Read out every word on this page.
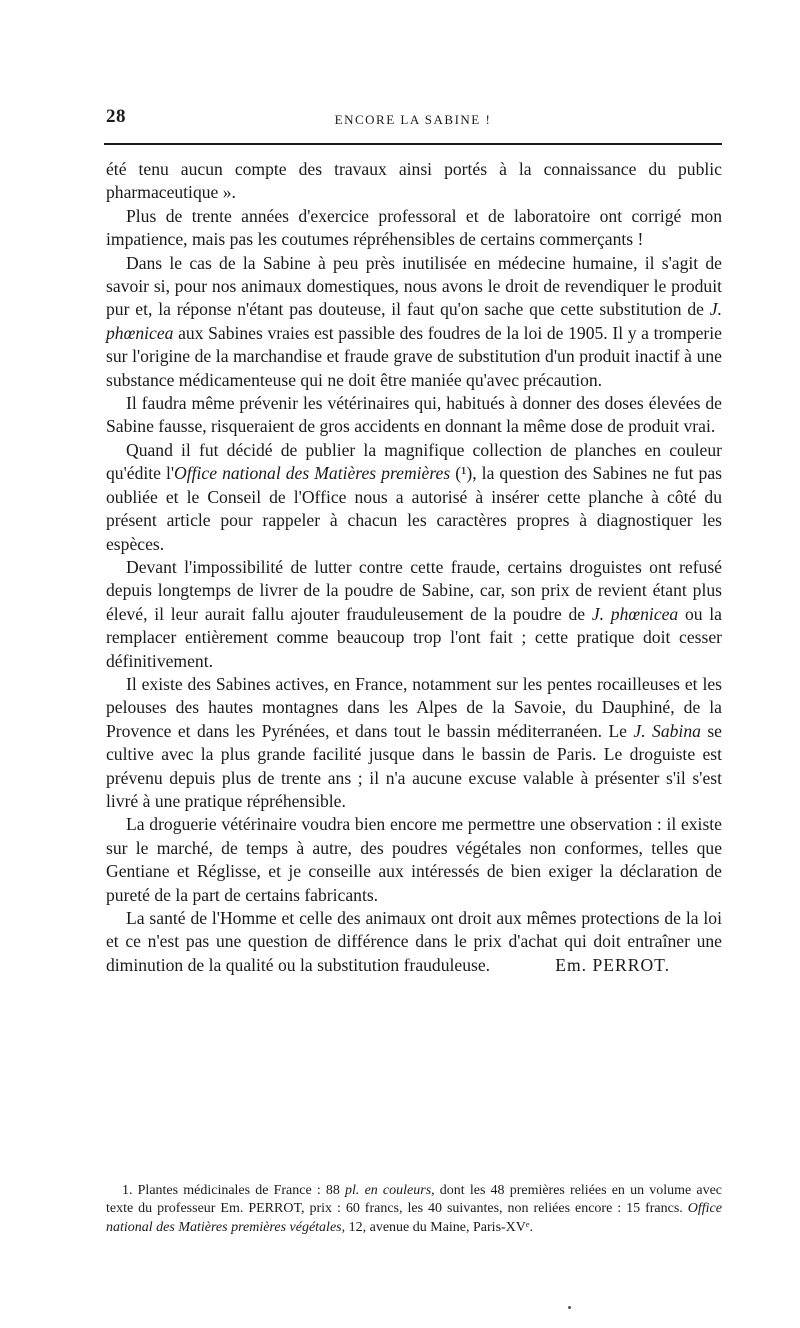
28	ENCORE LA SABINE !

été tenu aucun compte des travaux ainsi portés à la connaissance du public pharmaceutique ».

Plus de trente années d'exercice professoral et de laboratoire ont corrigé mon impatience, mais pas les coutumes répréhensibles de certains commerçants !

Dans le cas de la Sabine à peu près inutilisée en médecine humaine, il s'agit de savoir si, pour nos animaux domestiques, nous avons le droit de revendiquer le produit pur et, la réponse n'étant pas douteuse, il faut qu'on sache que cette substitution de J. phœnicea aux Sabines vraies est passible des foudres de la loi de 1905. Il y a tromperie sur l'origine de la marchandise et fraude grave de substitution d'un produit inactif à une substance médicamenteuse qui ne doit être maniée qu'avec précaution.

Il faudra même prévenir les vétérinaires qui, habitués à donner des doses élevées de Sabine fausse, risqueraient de gros accidents en donnant la même dose de produit vrai.

Quand il fut décidé de publier la magnifique collection de planches en couleur qu'édite l'Office national des Matières premières (¹), la question des Sabines ne fut pas oubliée et le Conseil de l'Office nous a autorisé à insérer cette planche à côté du présent article pour rappeler à chacun les caractères propres à diagnostiquer les espèces.

Devant l'impossibilité de lutter contre cette fraude, certains droguistes ont refusé depuis longtemps de livrer de la poudre de Sabine, car, son prix de revient étant plus élevé, il leur aurait fallu ajouter frauduleusement de la poudre de J. phœnicea ou la remplacer entièrement comme beaucoup trop l'ont fait ; cette pratique doit cesser définitivement.

Il existe des Sabines actives, en France, notamment sur les pentes rocailleuses et les pelouses des hautes montagnes dans les Alpes de la Savoie, du Dauphiné, de la Provence et dans les Pyrénées, et dans tout le bassin méditerranéen. Le J. Sabina se cultive avec la plus grande facilité jusque dans le bassin de Paris. Le droguiste est prévenu depuis plus de trente ans ; il n'a aucune excuse valable à présenter s'il s'est livré à une pratique répréhensible.

La droguerie vétérinaire voudra bien encore me permettre une observation : il existe sur le marché, de temps à autre, des poudres végétales non conformes, telles que Gentiane et Réglisse, et je conseille aux intéressés de bien exiger la déclaration de pureté de la part de certains fabricants.

La santé de l'Homme et celle des animaux ont droit aux mêmes protections de la loi et ce n'est pas une question de différence dans le prix d'achat qui doit entraîner une diminution de la qualité ou la substitution frauduleuse.	Em. PERROT.

1. Plantes médicinales de France : 88 pl. en couleurs, dont les 48 premières reliées en un volume avec texte du professeur Em. PERROT, prix : 60 francs, les 40 suivantes, non reliées encore : 15 francs. Office national des Matières premières végétales, 12, avenue du Maine, Paris-XVᵉ.
